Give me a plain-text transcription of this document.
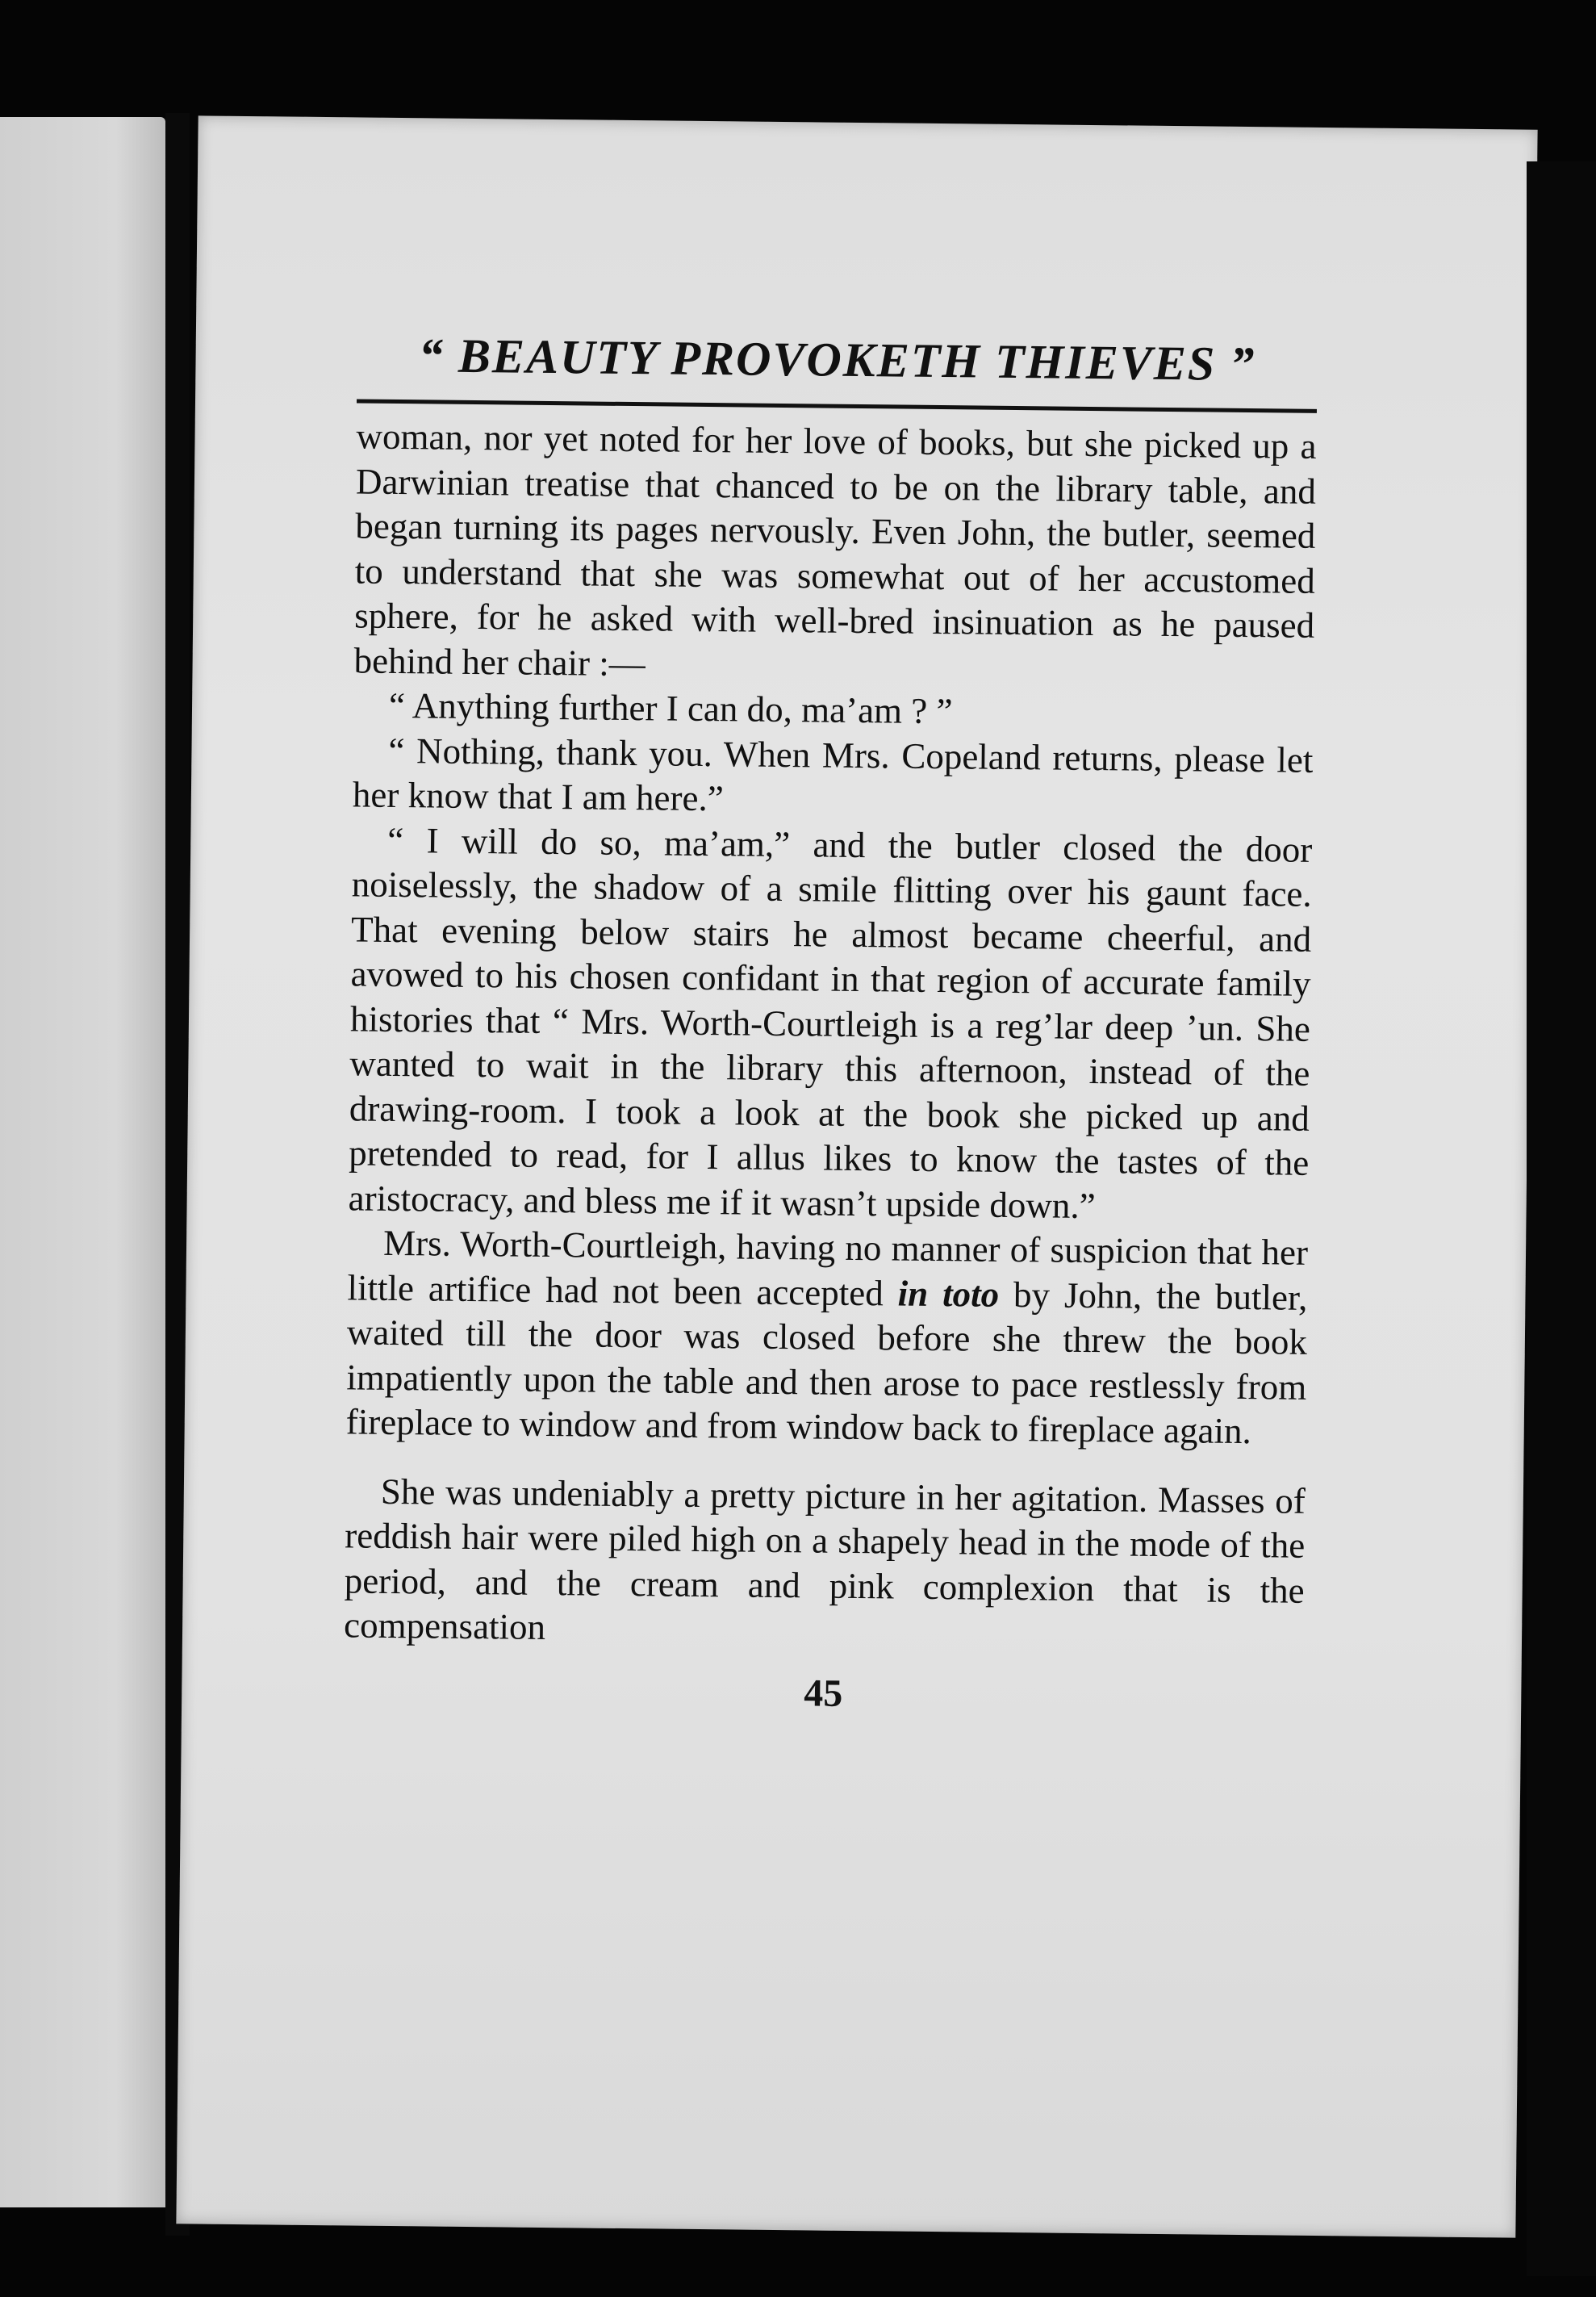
“ BEAUTY PROVOKETH THIEVES ”

woman, nor yet noted for her love of books, but she picked up a Darwinian treatise that chanced to be on the library table, and began turning its pages nervously. Even John, the butler, seemed to understand that she was somewhat out of her accustomed sphere, for he asked with well-bred insinuation as he paused behind her chair :—

“ Anything further I can do, ma’am ? ”

“ Nothing, thank you. When Mrs. Copeland returns, please let her know that I am here.”

“ I will do so, ma’am,” and the butler closed the door noiselessly, the shadow of a smile flitting over his gaunt face. That evening below stairs he almost became cheerful, and avowed to his chosen confidant in that region of accurate family histories that “ Mrs. Worth-Courtleigh is a reg’lar deep ’un. She wanted to wait in the library this afternoon, instead of the drawing-room. I took a look at the book she picked up and pretended to read, for I allus likes to know the tastes of the aristocracy, and bless me if it wasn’t upside down.”

Mrs. Worth-Courtleigh, having no manner of suspicion that her little artifice had not been accepted in toto by John, the butler, waited till the door was closed before she threw the book impatiently upon the table and then arose to pace restlessly from fireplace to window and from window back to fireplace again.

She was undeniably a pretty picture in her agitation. Masses of reddish hair were piled high on a shapely head in the mode of the period, and the cream and pink complexion that is the compensation

45
